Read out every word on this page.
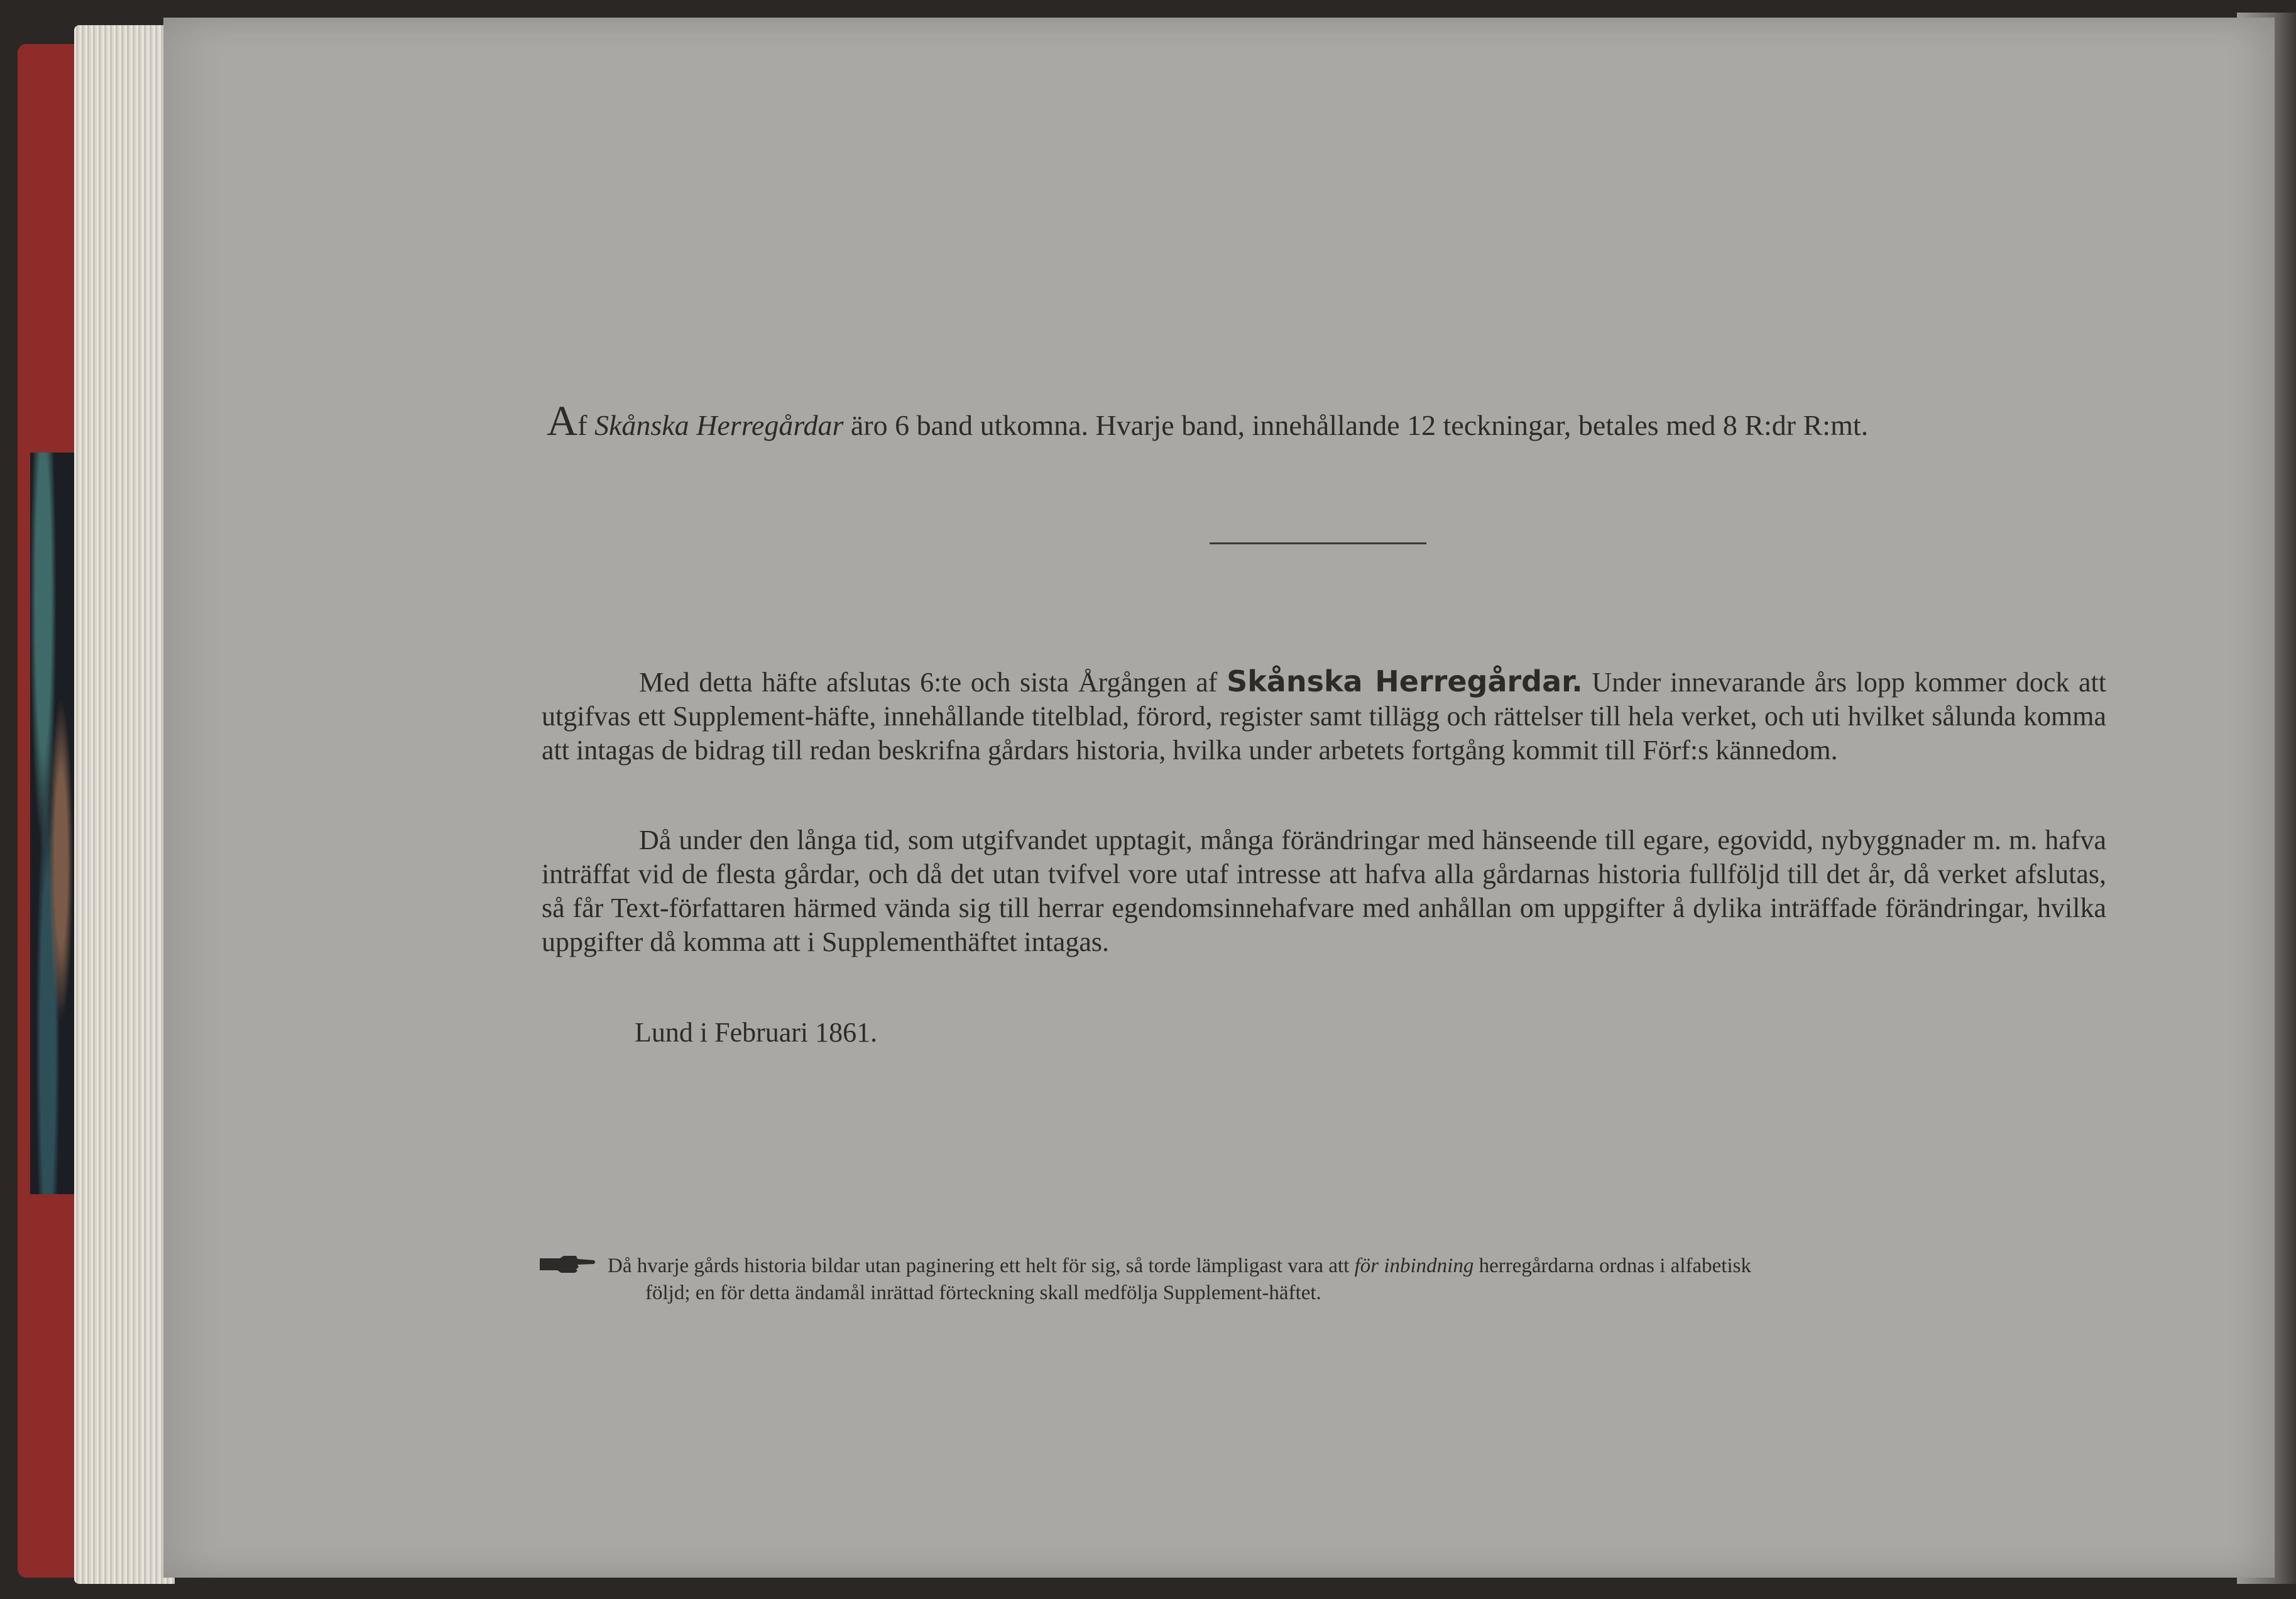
Af Skånska Herregårdar äro 6 band utkomna. Hvarje band, innehållande 12 teckningar, betales med 8 R:dr R:mt.
Med detta häfte afslutas 6:te och sista Årgången af Skånska Herregårdar. Under innevarande års lopp kommer dock att utgifvas ett Supplement-häfte, innehållande titelblad, förord, register samt tillägg och rättelser till hela verket, och uti hvilket sålunda komma att intagas de bidrag till redan beskrifna gårdars historia, hvilka under arbetets fortgång kommit till Förf:s kännedom.
Då under den långa tid, som utgifvandet upptagit, många förändringar med hänseende till egare, egovidd, nybyggnader m. m. hafva inträffat vid de flesta gårdar, och då det utan tvifvel vore utaf intresse att hafva alla gårdarnas historia fullföljd till det år, då verket afslutas, så får Text-författaren härmed vända sig till herrar egendomsinnehafvare med anhållan om uppgifter å dylika inträffade förändringar, hvilka uppgifter då komma att i Supplementhäftet intagas.
Lund i Februari 1861.
Då hvarje gårds historia bildar utan paginering ett helt för sig, så torde lämpligast vara att för inbindning herregårdarna ordnas i alfabetisk
följd; en för detta ändamål inrättad förteckning skall medfölja Supplement-häftet.
